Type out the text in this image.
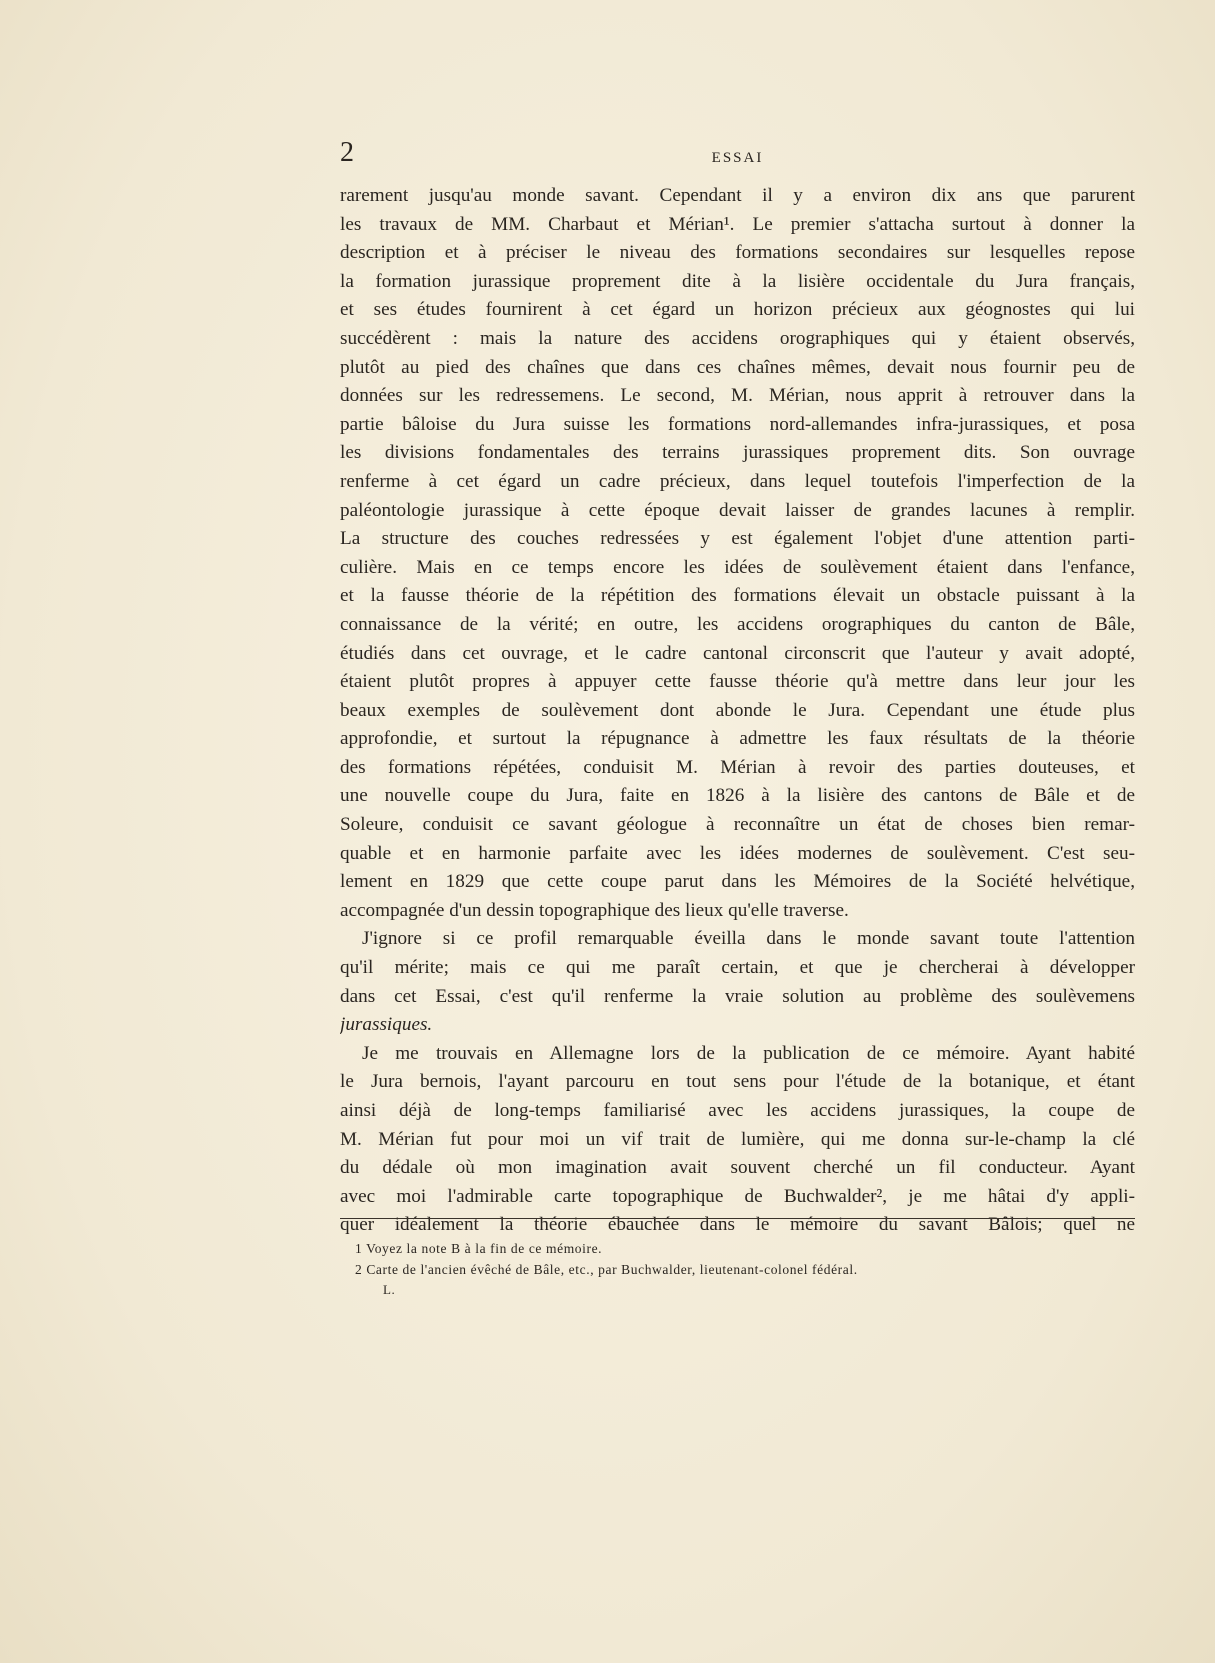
2	ESSAI
rarement jusqu'au monde savant. Cependant il y a environ dix ans que parurent
les travaux de MM. Charbaut et Mérian¹. Le premier s'attacha surtout à donner la
description et à préciser le niveau des formations secondaires sur lesquelles repose
la formation jurassique proprement dite à la lisière occidentale du Jura français,
et ses études fournirent à cet égard un horizon précieux aux géognostes qui lui
succédèrent : mais la nature des accidens orographiques qui y étaient observés,
plutôt au pied des chaînes que dans ces chaînes mêmes, devait nous fournir peu de
données sur les redressemens. Le second, M. Mérian, nous apprit à retrouver dans la
partie bâloise du Jura suisse les formations nord-allemandes infra-jurassiques, et posa
les divisions fondamentales des terrains jurassiques proprement dits. Son ouvrage
renferme à cet égard un cadre précieux, dans lequel toutefois l'imperfection de la
paléontologie jurassique à cette époque devait laisser de grandes lacunes à remplir.
La structure des couches redressées y est également l'objet d'une attention parti-
culière. Mais en ce temps encore les idées de soulèvement étaient dans l'enfance,
et la fausse théorie de la répétition des formations élevait un obstacle puissant à la
connaissance de la vérité; en outre, les accidens orographiques du canton de Bâle,
étudiés dans cet ouvrage, et le cadre cantonal circonscrit que l'auteur y avait adopté,
étaient plutôt propres à appuyer cette fausse théorie qu'à mettre dans leur jour les
beaux exemples de soulèvement dont abonde le Jura. Cependant une étude plus
approfondie, et surtout la répugnance à admettre les faux résultats de la théorie
des formations répétées, conduisit M. Mérian à revoir des parties douteuses, et
une nouvelle coupe du Jura, faite en 1826 à la lisière des cantons de Bâle et de
Soleure, conduisit ce savant géologue à reconnaître un état de choses bien remar-
quable et en harmonie parfaite avec les idées modernes de soulèvement. C'est seu-
lement en 1829 que cette coupe parut dans les Mémoires de la Société helvétique,
accompagnée d'un dessin topographique des lieux qu'elle traverse.
J'ignore si ce profil remarquable éveilla dans le monde savant toute l'attention
qu'il mérite; mais ce qui me paraît certain, et que je chercherai à développer
dans cet Essai, c'est qu'il renferme la vraie solution au problème des soulèvemens
jurassiques.
Je me trouvais en Allemagne lors de la publication de ce mémoire. Ayant habité
le Jura bernois, l'ayant parcouru en tout sens pour l'étude de la botanique, et étant
ainsi déjà de long-temps familiarisé avec les accidens jurassiques, la coupe de
M. Mérian fut pour moi un vif trait de lumière, qui me donna sur-le-champ la clé
du dédale où mon imagination avait souvent cherché un fil conducteur. Ayant
avec moi l'admirable carte topographique de Buchwalder², je me hâtai d'y appli-
quer idéalement la théorie ébauchée dans le mémoire du savant Bâlois; quel ne
1 Voyez la note B à la fin de ce mémoire.
2 Carte de l'ancien évêché de Bâle, etc., par Buchwalder, lieutenant-colonel fédéral.
L.
